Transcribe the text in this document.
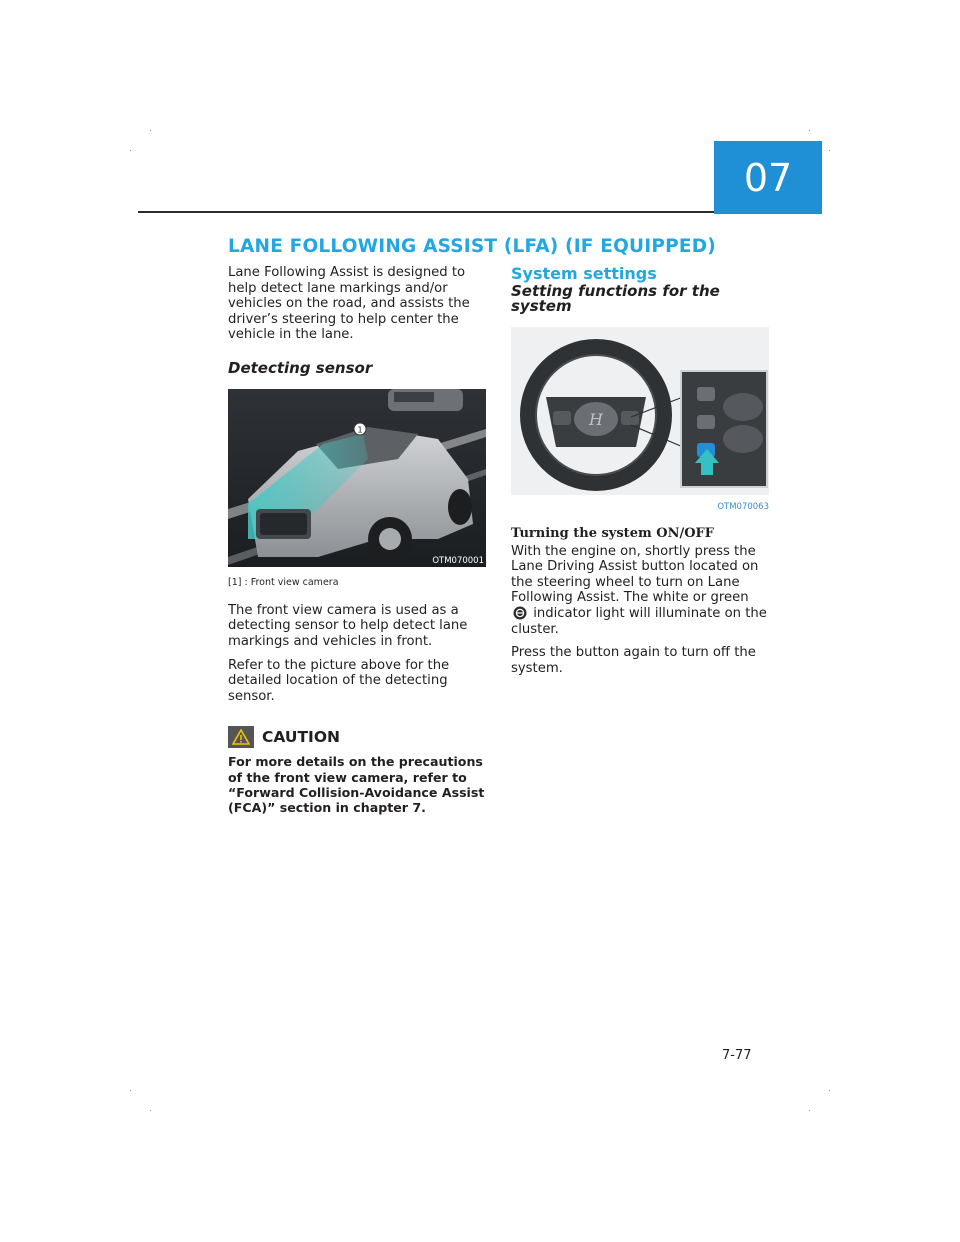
07
LANE FOLLOWING ASSIST (LFA) (IF EQUIPPED)

Lane Following Assist is designed to help detect lane markings and/or vehicles on the road, and assists the driver’s steering to help center the vehicle in the lane.

Detecting sensor
1
OTM070001
[1] : Front view camera

The front view camera is used as a detecting sensor to help detect lane markings and vehicles in front.

Refer to the picture above for the detailed location of the detecting sensor.

CAUTION
For more details on the precautions of the front view camera, refer to “Forward Collision-Avoidance Assist (FCA)” section in chapter 7.
System settings
Setting functions for the system
H
OTM070063
Turning the system ON/OFF

With the engine on, shortly press the Lane Driving Assist button located on the steering wheel to turn on Lane Following Assist. The white or green  indicator light will illuminate on the cluster.

Press the button again to turn off the system.

7-77
